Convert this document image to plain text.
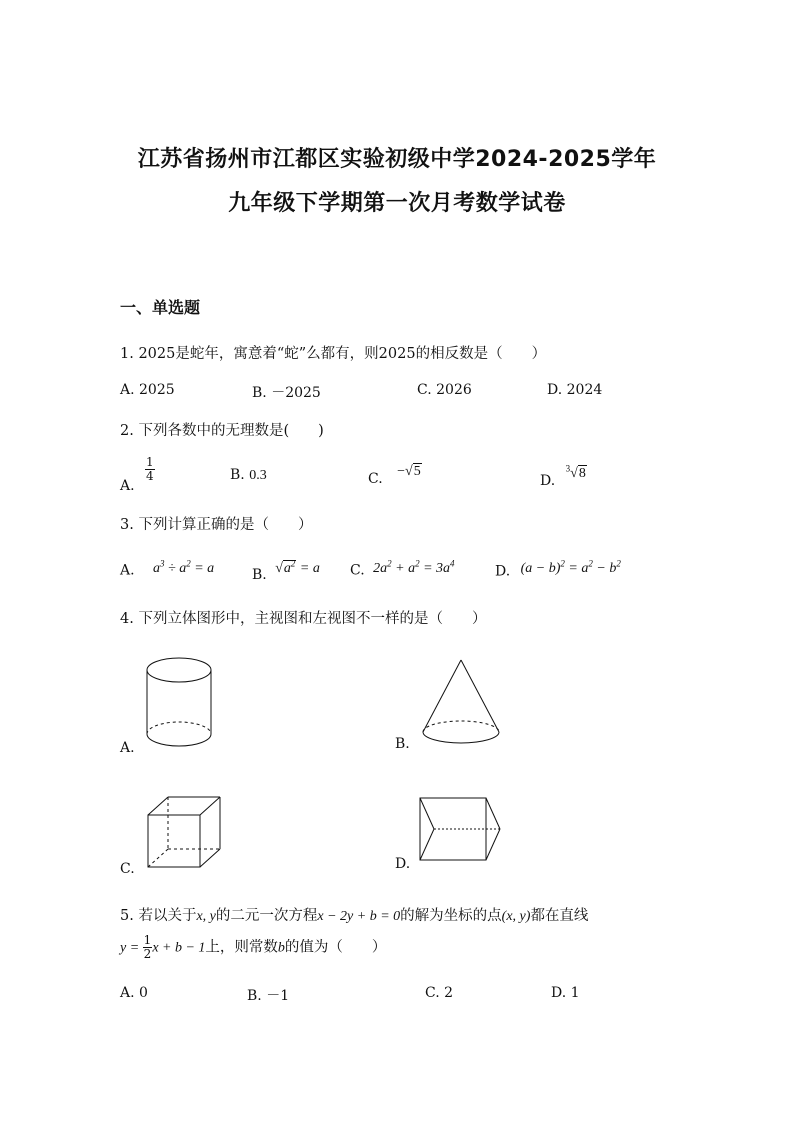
江苏省扬州市江都区实验初级中学2024-2025学年
九年级下学期第一次月考数学试卷
一、单选题
1. 2025是蛇年，寓意着“蛇”么都有，则2025的相反数是（　　）
A. 2025	B. －2025	C. 2026	D. 2024
2. 下列各数中的无理数是(　　)
A.
$\frac{1}{4}$	B. 0.3	C. −√5
D. $^3$√8
3. 下列计算正确的是（　　）
A. $a^3 \div a^2 = a$	B. $√a^2 = a$ C. $2a^2 + a^2 = 3a^4$
D. $(a - b)^2 = a^2 - b^2$
4. 下列立体图形中，主视图和左视图不一样的是（　　）
A.	B.
C.	D.
5. 若以关于x, y的二元一次方程x − 2y + b = 0的解为坐标的点(x, y)都在直线
$y = \frac{1}{2}$ x + b − 1上，则常数b的值为（　　）
A. 0	B. －1	C. 2	D. 1
